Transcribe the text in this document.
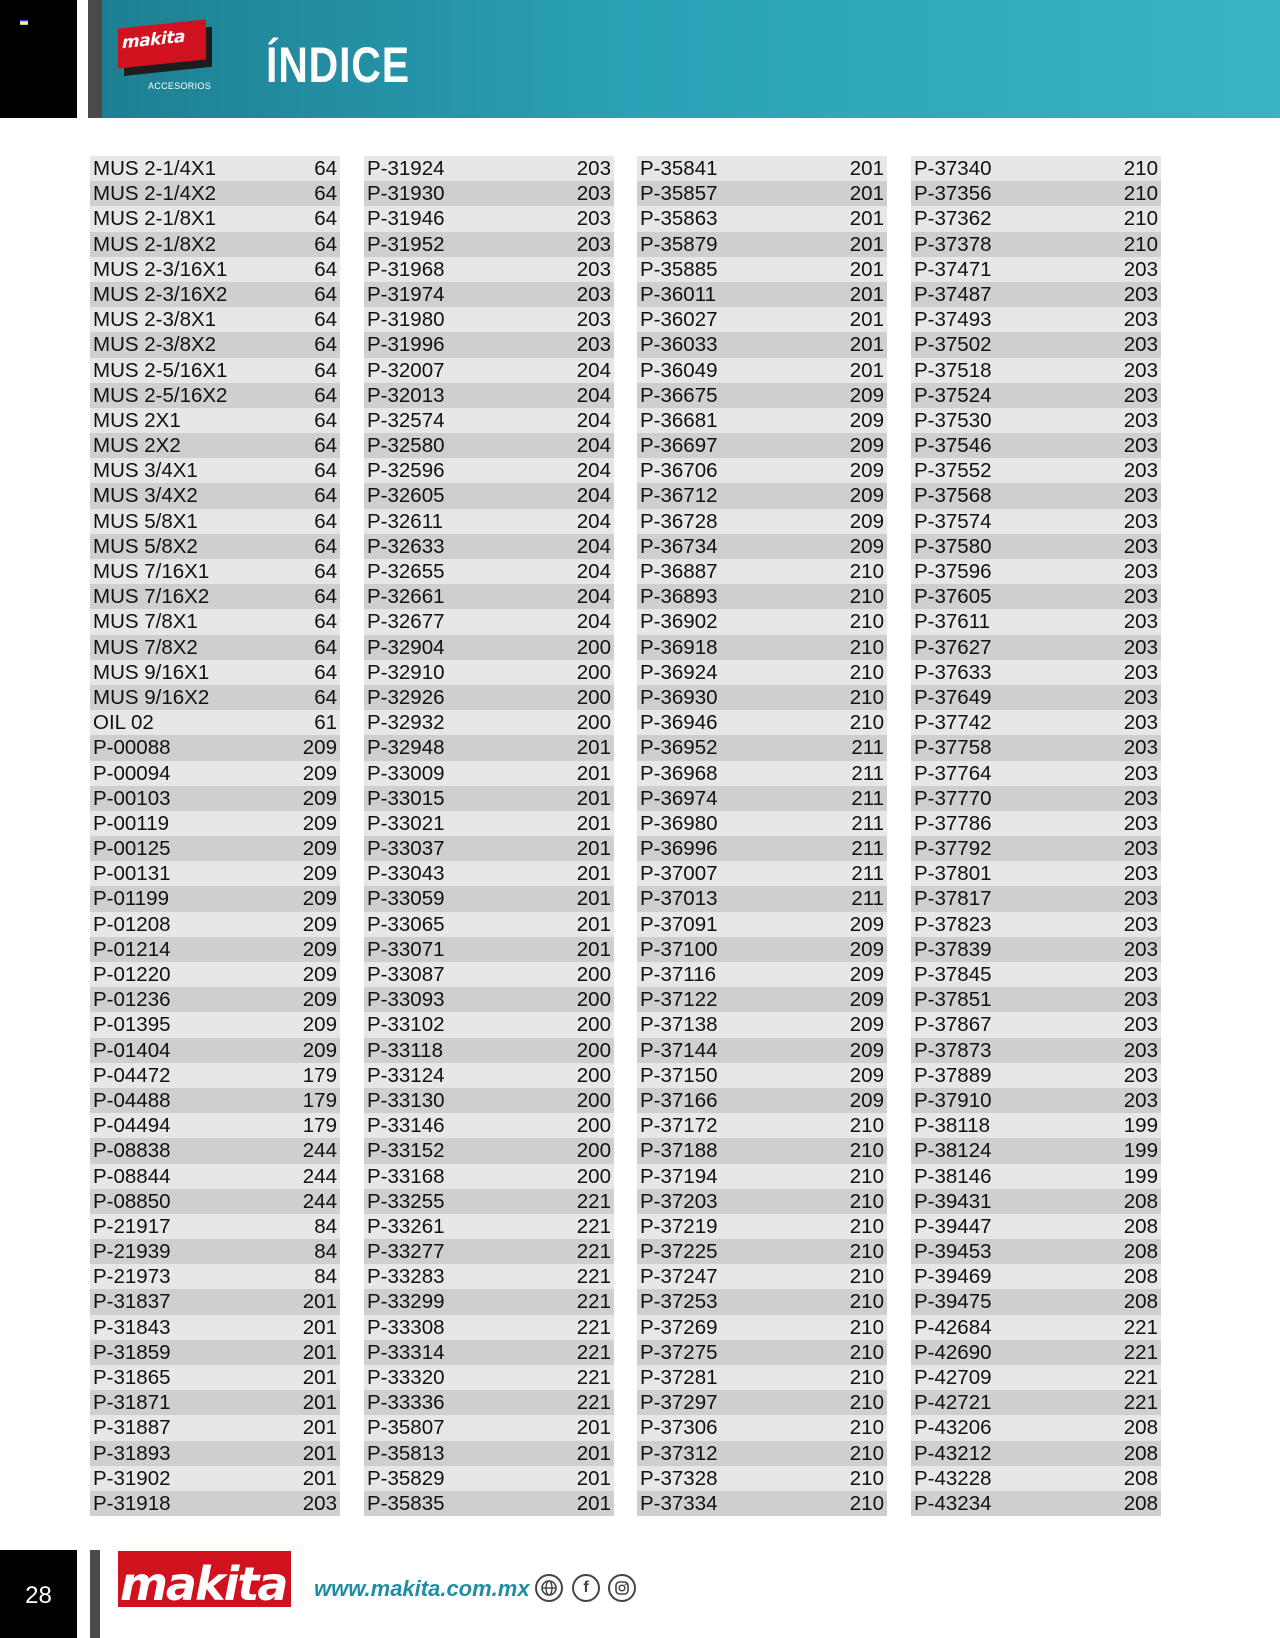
makita
ACCESORIOS ÍNDICE
MUS 2-1/4X1	64
MUS 2-1/4X2	64
MUS 2-1/8X1	64
MUS 2-1/8X2	64
MUS 2-3/16X1	64
MUS 2-3/16X2	64
MUS 2-3/8X1	64
MUS 2-3/8X2	64
MUS 2-5/16X1	64
MUS 2-5/16X2	64
MUS 2X1	64
MUS 2X2	64
MUS 3/4X1	64
MUS 3/4X2	64
MUS 5/8X1	64
MUS 5/8X2	64
MUS 7/16X1	64
MUS 7/16X2	64
MUS 7/8X1	64
MUS 7/8X2	64
MUS 9/16X1	64
MUS 9/16X2	64
OIL 02	61
P-00088	209
P-00094	209
P-00103	209
P-00119	209
P-00125	209
P-00131	209
P-01199	209
P-01208	209
P-01214	209
P-01220	209
P-01236	209
P-01395	209
P-01404	209
P-04472	179
P-04488	179
P-04494	179
P-08838	244
P-08844	244
P-08850	244
P-21917	84
P-21939	84
P-21973	84
P-31837	201
P-31843	201
P-31859	201
P-31865	201
P-31871	201
P-31887	201
P-31893	201
P-31902	201
P-31918	203
P-31924	203
P-31930	203
P-31946	203
P-31952	203
P-31968	203
P-31974	203
P-31980	203
P-31996	203
P-32007	204
P-32013	204
P-32574	204
P-32580	204
P-32596	204
P-32605	204
P-32611	204
P-32633	204
P-32655	204
P-32661	204
P-32677	204
P-32904	200
P-32910	200
P-32926	200
P-32932	200
P-32948	201
P-33009	201
P-33015	201
P-33021	201
P-33037	201
P-33043	201
P-33059	201
P-33065	201
P-33071	201
P-33087	200
P-33093	200
P-33102	200
P-33118	200
P-33124	200
P-33130	200
P-33146	200
P-33152	200
P-33168	200
P-33255	221
P-33261	221
P-33277	221
P-33283	221
P-33299	221
P-33308	221
P-33314	221
P-33320	221
P-33336	221
P-35807	201
P-35813	201
P-35829	201
P-35835	201
P-35841	201
P-35857	201
P-35863	201
P-35879	201
P-35885	201
P-36011	201
P-36027	201
P-36033	201
P-36049	201
P-36675	209
P-36681	209
P-36697	209
P-36706	209
P-36712	209
P-36728	209
P-36734	209
P-36887	210
P-36893	210
P-36902	210
P-36918	210
P-36924	210
P-36930	210
P-36946	210
P-36952	211
P-36968	211
P-36974	211
P-36980	211
P-36996	211
P-37007	211
P-37013	211
P-37091	209
P-37100	209
P-37116	209
P-37122	209
P-37138	209
P-37144	209
P-37150	209
P-37166	209
P-37172	210
P-37188	210
P-37194	210
P-37203	210
P-37219	210
P-37225	210
P-37247	210
P-37253	210
P-37269	210
P-37275	210
P-37281	210
P-37297	210
P-37306	210
P-37312	210
P-37328	210
P-37334	210
P-37340	210
P-37356	210
P-37362	210
P-37378	210
P-37471	203
P-37487	203
P-37493	203
P-37502	203
P-37518	203
P-37524	203
P-37530	203
P-37546	203
P-37552	203
P-37568	203
P-37574	203
P-37580	203
P-37596	203
P-37605	203
P-37611	203
P-37627	203
P-37633	203
P-37649	203
P-37742	203
P-37758	203
P-37764	203
P-37770	203
P-37786	203
P-37792	203
P-37801	203
P-37817	203
P-37823	203
P-37839	203
P-37845	203
P-37851	203
P-37867	203
P-37873	203
P-37889	203
P-37910	203
P-38118	199
P-38124	199
P-38146	199
P-39431	208
P-39447	208
P-39453	208
P-39469	208
P-39475	208
P-42684	221
P-42690	221
P-42709	221
P-42721	221
P-43206	208
P-43212	208
P-43228	208
P-43234	208
28	makita www.makita.com.mx	f
